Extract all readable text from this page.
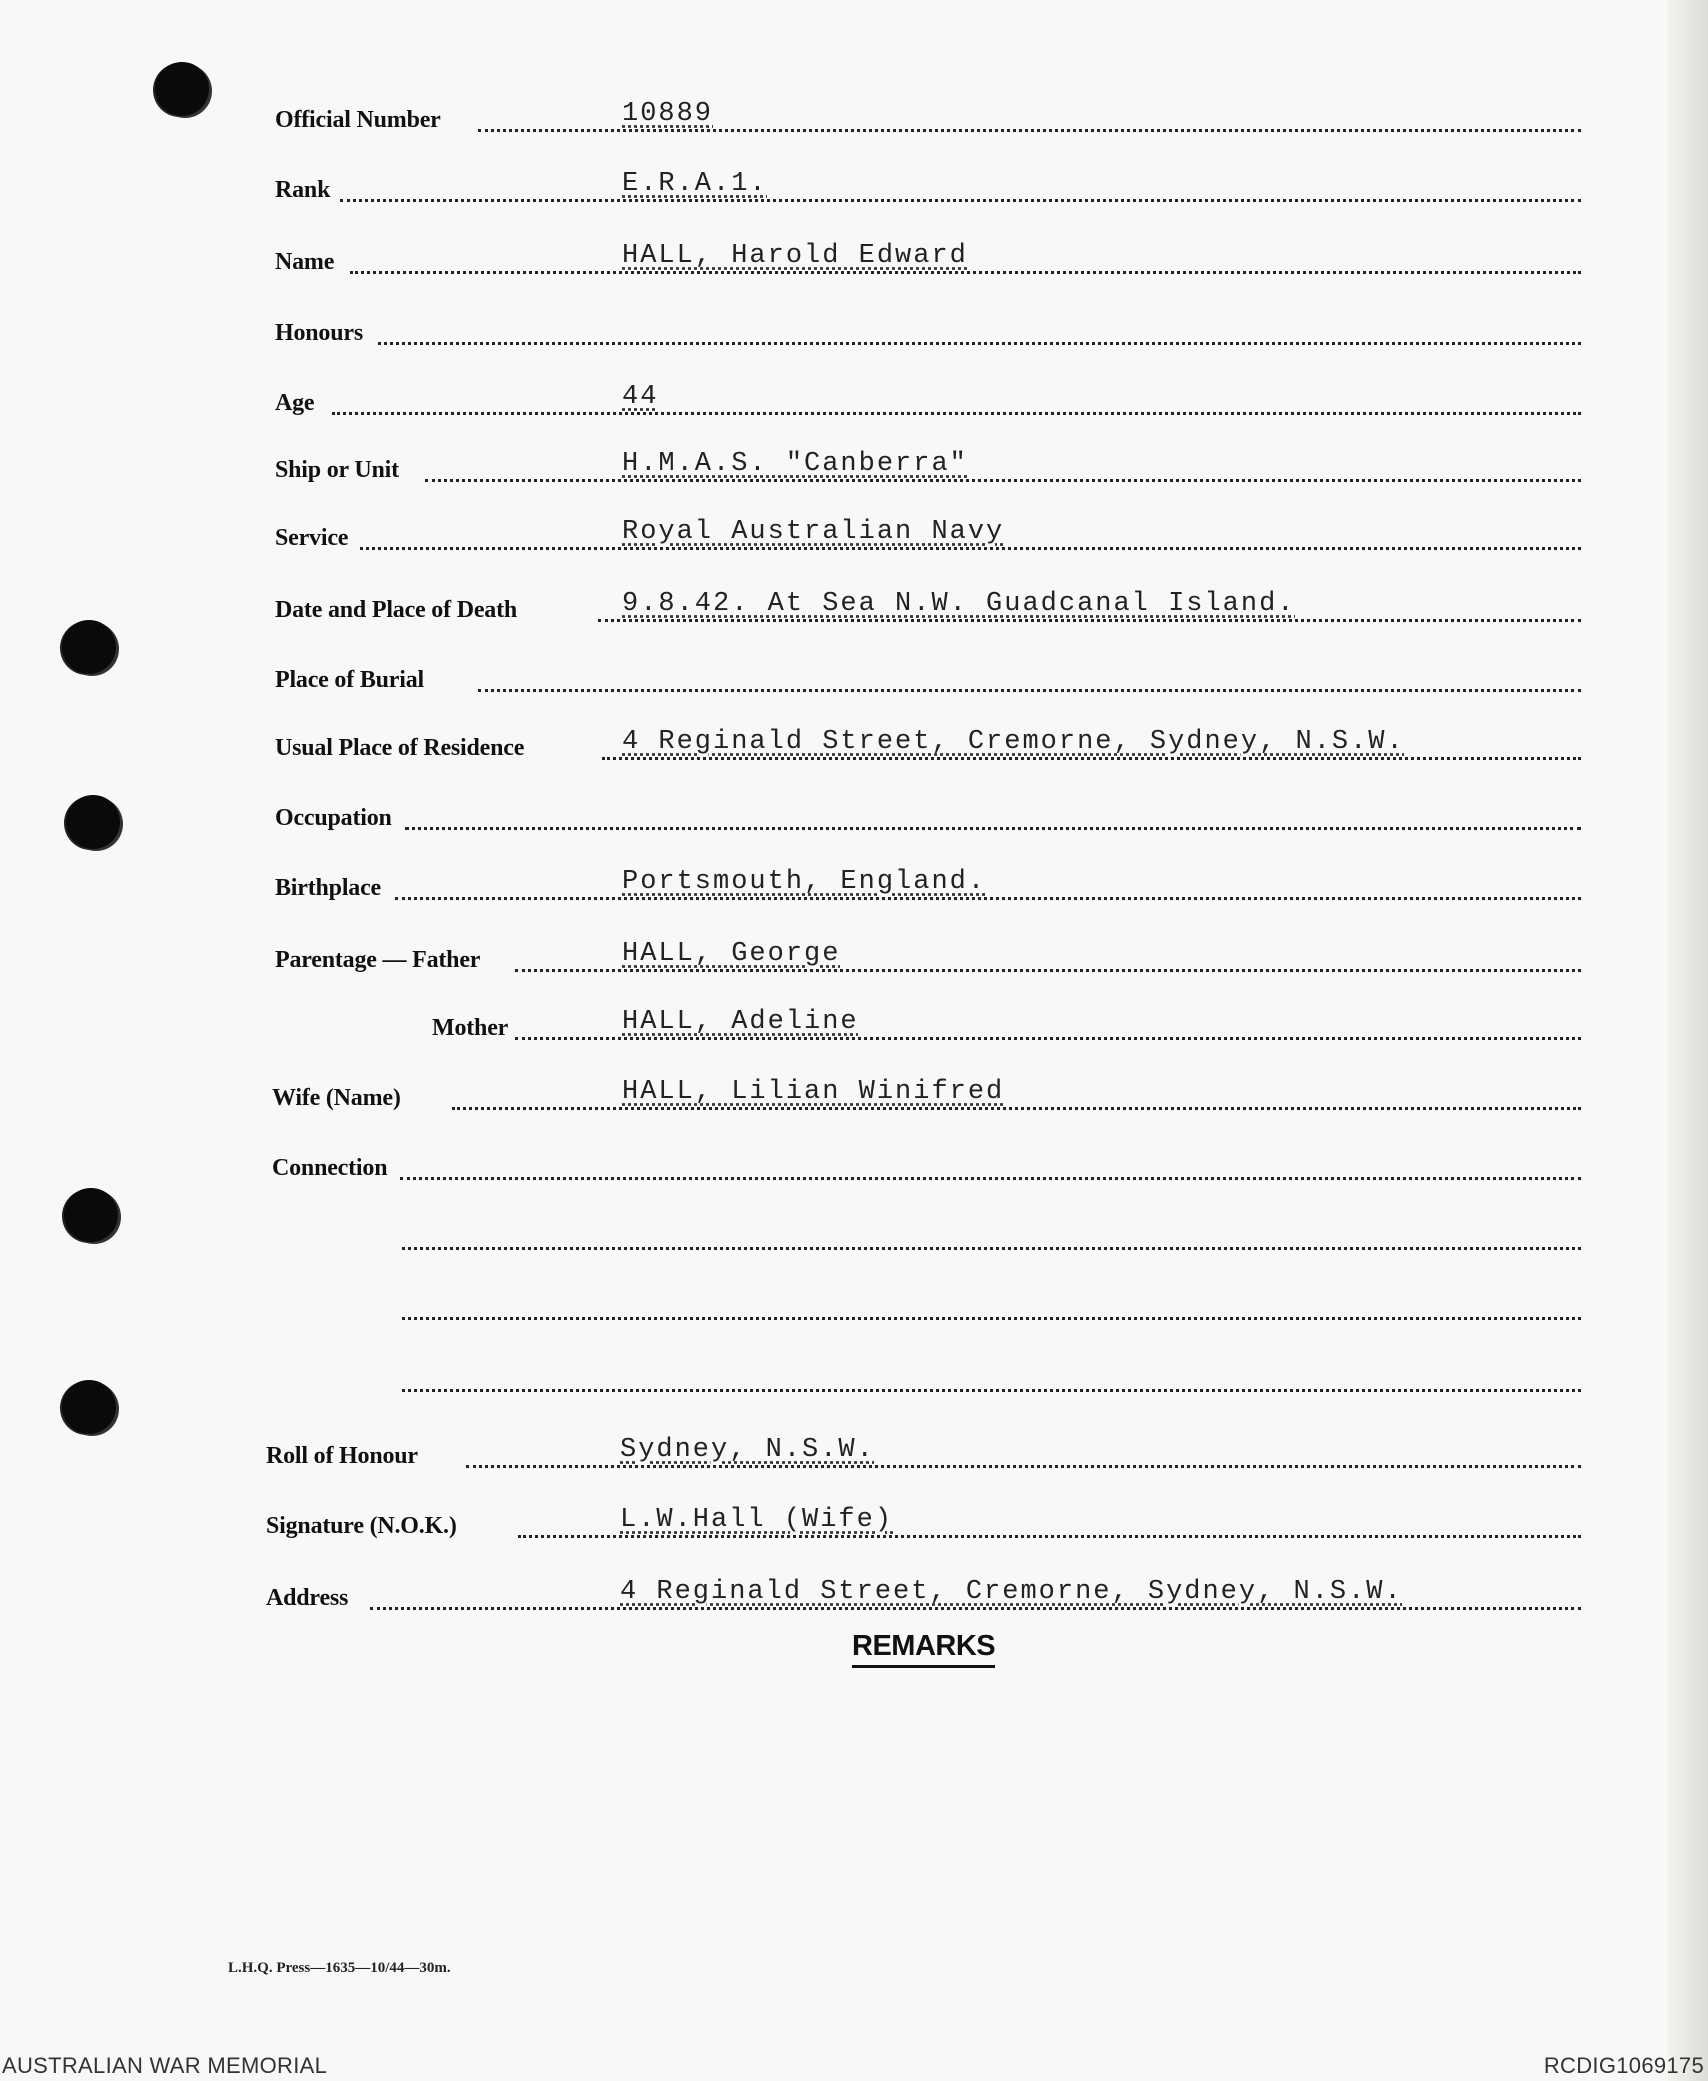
Official Number	10889
Rank	E.R.A.1.
Name	HALL, Harold Edward
Honours
Age	44
Ship or Unit	H.M.A.S. "Canberra"
Service	Royal Australian Navy
Date and Place of Death	9.8.42. At Sea N.W. Guadcanal Island.
Place of Burial
Usual Place of Residence	4 Reginald Street, Cremorne, Sydney, N.S.W.
Occupation
Birthplace	Portsmouth, England.
Parentage — Father	HALL, George
Mother	HALL, Adeline
Wife (Name)	HALL, Lilian Winifred
Connection
Roll of Honour	Sydney, N.S.W.
Signature (N.O.K.)	L.W.Hall (Wife)
Address	4 Reginald Street, Cremorne, Sydney, N.S.W.
REMARKS
L.H.Q. Press—1635—10/44—30m.
AUSTRALIAN WAR MEMORIAL	RCDIG1069175
